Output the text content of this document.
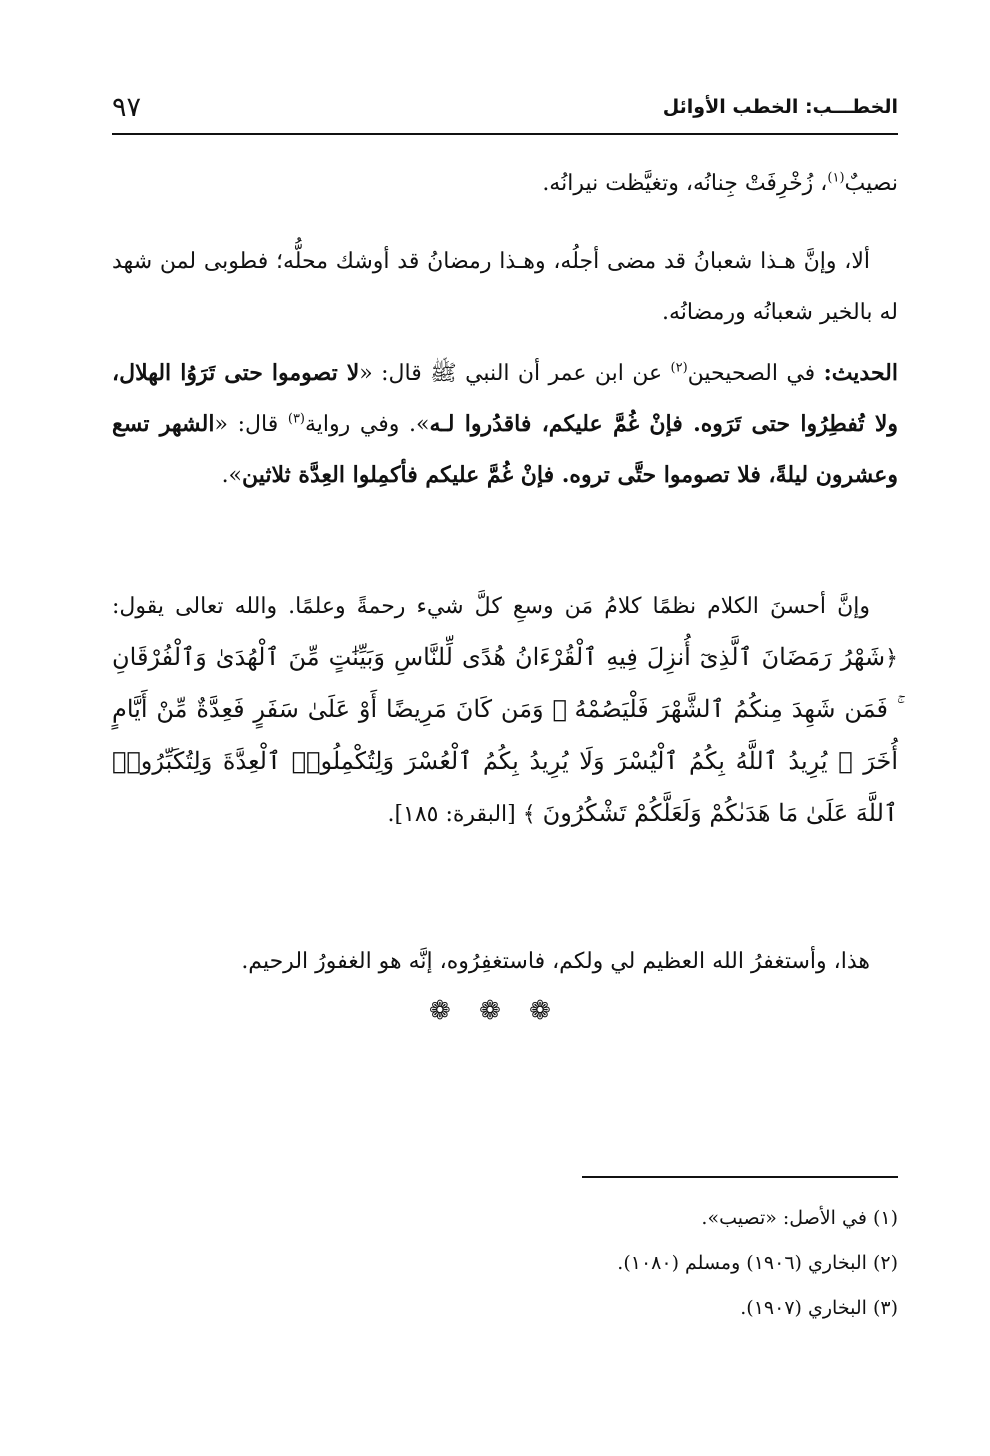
الخطـــب: الخطب الأوائل
٩٧

نصيبٌ$^{(١)}$، زُخْرِفَتْ جِنانُه، وتغيَّظت نيرانُه.

ألا، وإنَّ هـذا شعبانُ قد مضى أجلُه، وهـذا رمضانُ قد أوشك محلُّه؛ فطوبى لمن شهد له بالخير شعبانُه ورمضانُه.

الحديث: في الصحيحين$^{(٢)}$ عن ابن عمر أن النبي ﷺ قال: «لا تصوموا حتى تَرَوُا الهلال، ولا تُفطِرُوا حتى تَرَوه. فإنْ غُمَّ عليكم، فاقدُروا لـه». وفي رواية$^{(٣)}$ قال: «الشهر تسع وعشرون ليلةً، فلا تصوموا حتَّى تروه. فإنْ غُمَّ عليكم فأكمِلوا العِدَّة ثلاثين».

وإنَّ أحسنَ الكلام نظمًا كلامُ مَن وسعِ كلَّ شيء رحمةً وعلمًا. والله تعالى يقول: ﴿شَهْرُ رَمَضَانَ ٱلَّذِىٓ أُنزِلَ فِيهِ ٱلْقُرْءَانُ هُدًى لِّلنَّاسِ وَبَيِّنَٰتٍ مِّنَ ٱلْهُدَىٰ وَٱلْفُرْقَانِ ۚ فَمَن شَهِدَ مِنكُمُ ٱلشَّهْرَ فَلْيَصُمْهُ ۖ وَمَن كَانَ مَرِيضًا أَوْ عَلَىٰ سَفَرٍ فَعِدَّةٌ مِّنْ أَيَّامٍ أُخَرَ ۗ يُرِيدُ ٱللَّهُ بِكُمُ ٱلْيُسْرَ وَلَا يُرِيدُ بِكُمُ ٱلْعُسْرَ وَلِتُكْمِلُوا۟ ٱلْعِدَّةَ وَلِتُكَبِّرُوا۟ ٱللَّهَ عَلَىٰ مَا هَدَىٰكُمْ وَلَعَلَّكُمْ تَشْكُرُونَ ﴾ [البقرة: ١٨٥].

هذا، وأستغفرُ الله العظيم لي ولكم، فاستغفِرُوه، إنَّه هو الغفورُ الرحيم.

❁ ❁ ❁
(١) في الأصل: «تصيب».
(٢) البخاري (١٩٠٦) ومسلم (١٠٨٠).
(٣) البخاري (١٩٠٧).
